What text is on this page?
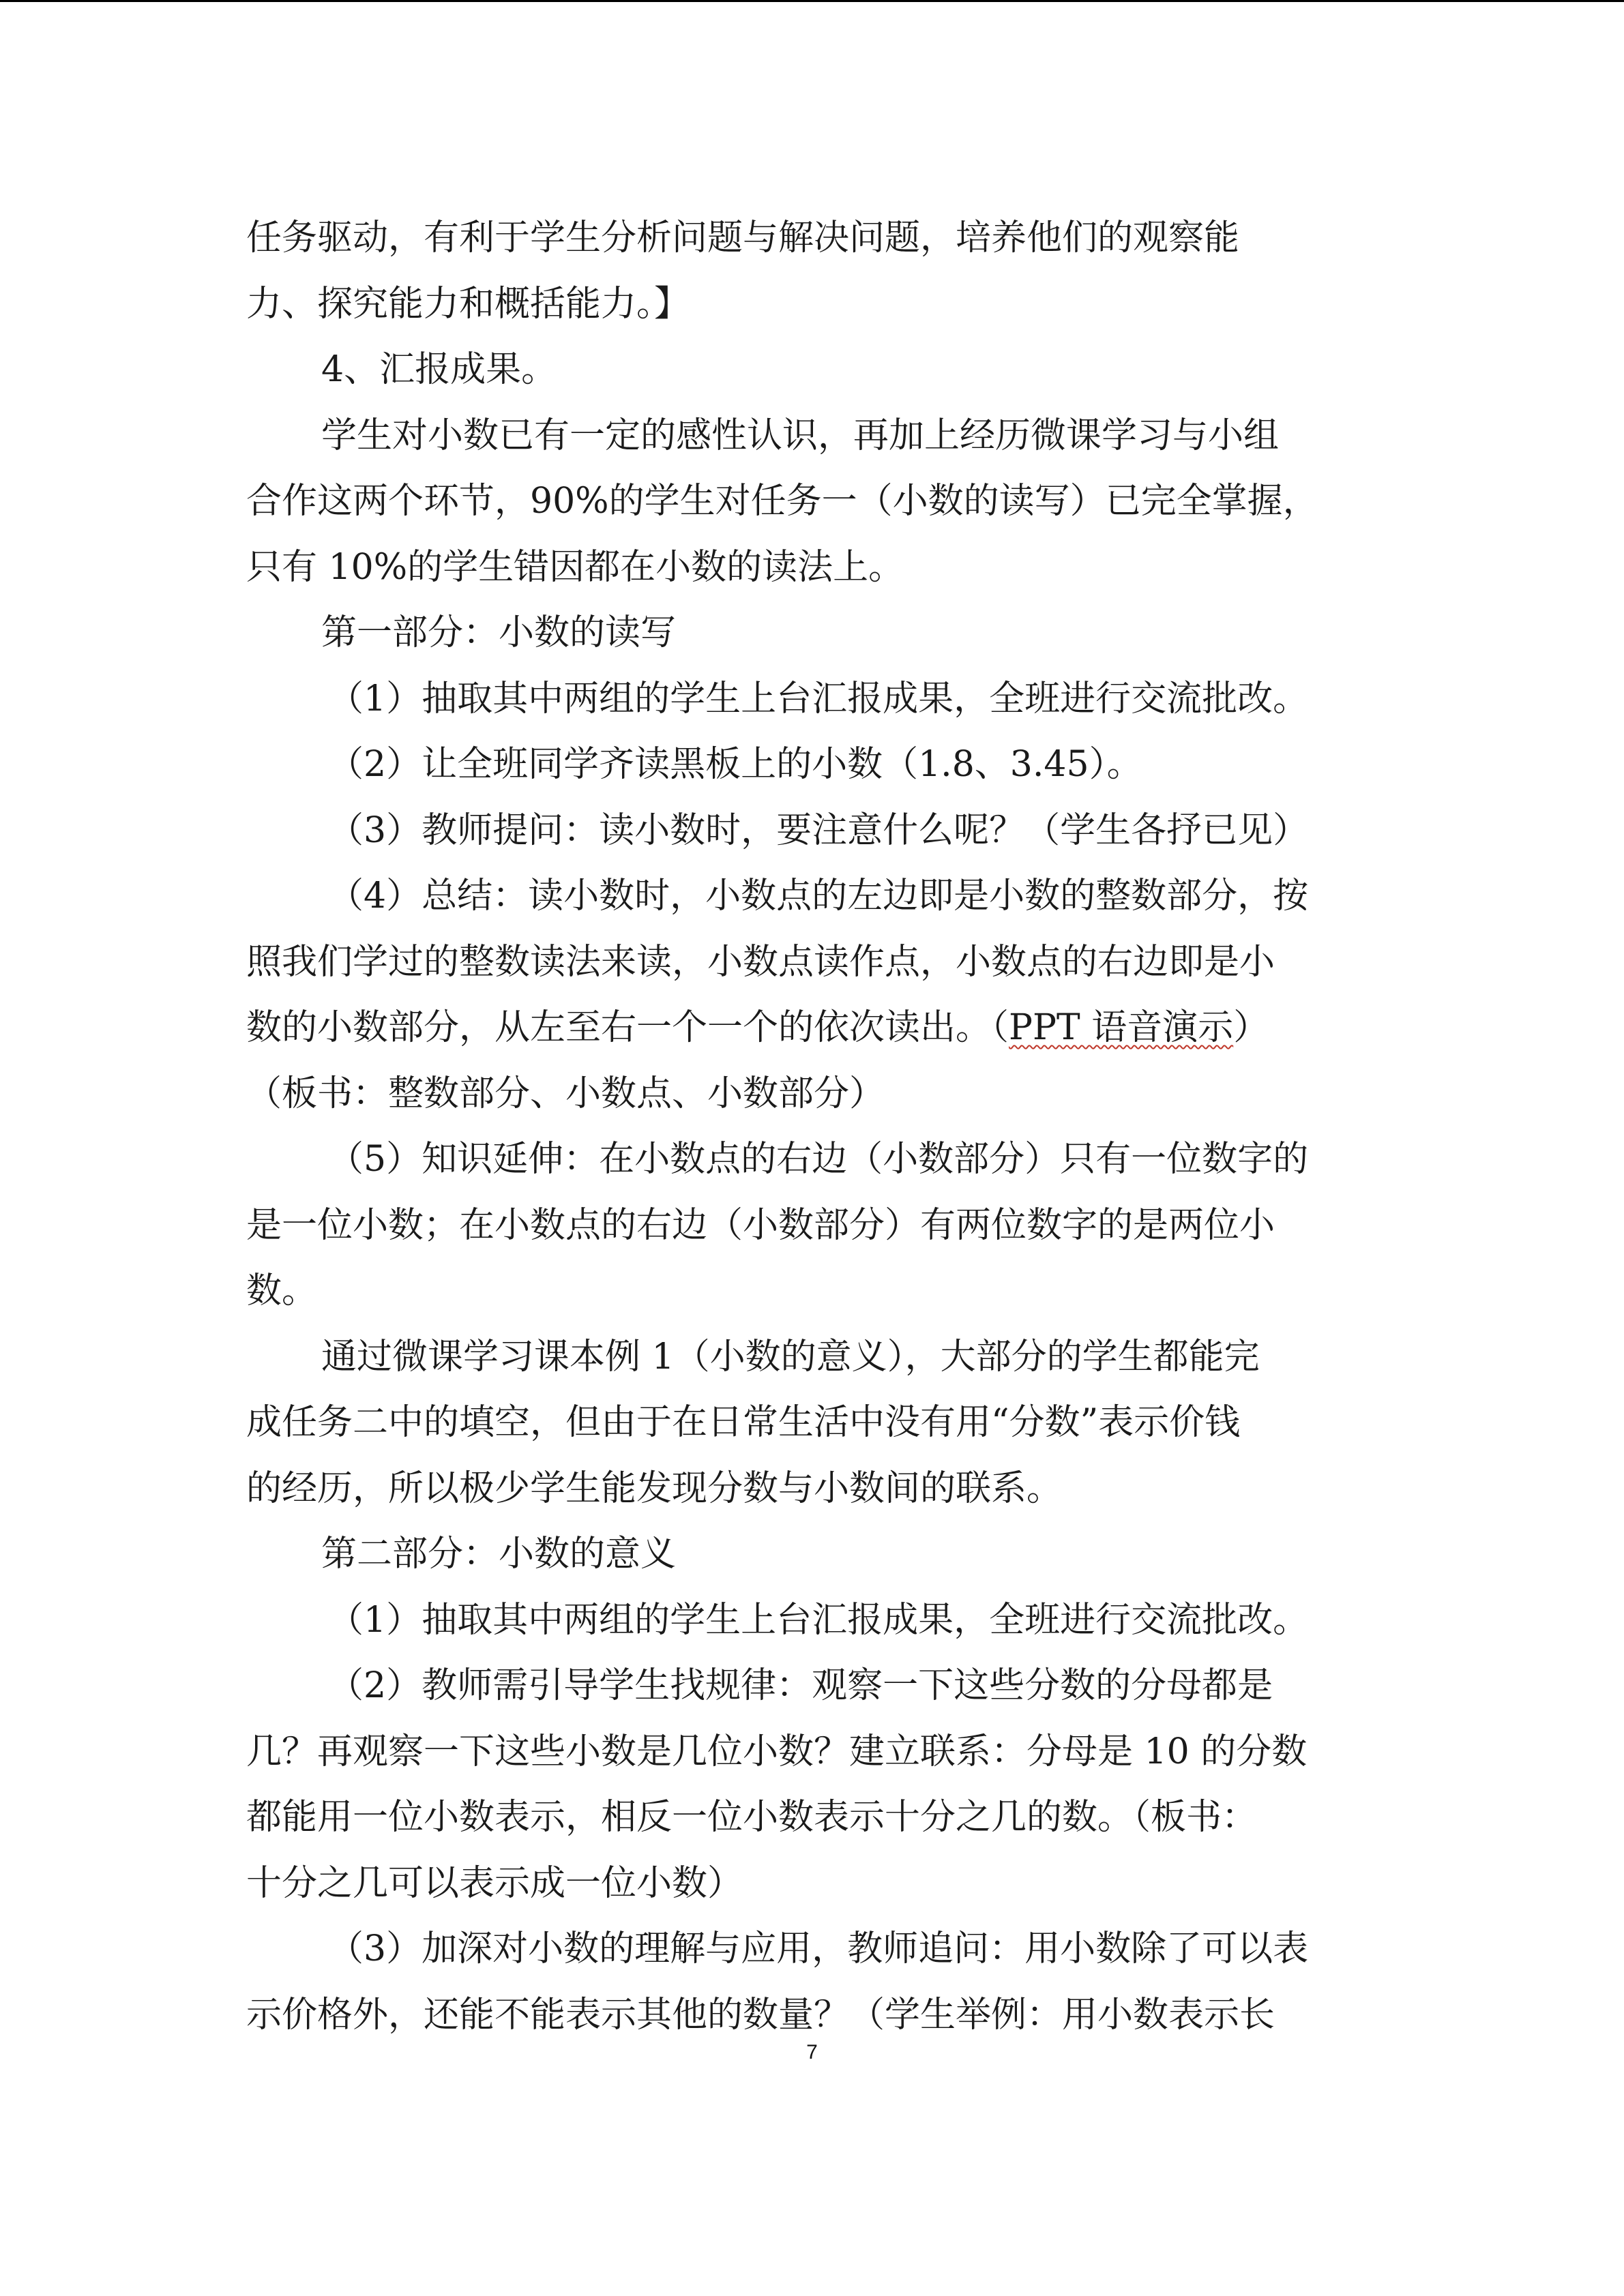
任务驱动，有利于学生分析问题与解决问题，培养他们的观察能
力、探究能力和概括能力。】
4、汇报成果。
学生对小数已有一定的感性认识，再加上经历微课学习与小组
合作这两个环节，90%的学生对任务一（小数的读写）已完全掌握，
只有 10%的学生错因都在小数的读法上。
第一部分：小数的读写
（1）抽取其中两组的学生上台汇报成果，全班进行交流批改。
（2）让全班同学齐读黑板上的小数（1.8、3.45）。
（3）教师提问：读小数时，要注意什么呢？（学生各抒已见）
（4）总结：读小数时，小数点的左边即是小数的整数部分，按
照我们学过的整数读法来读，小数点读作点，小数点的右边即是小
数的小数部分，从左至右一个一个的依次读出。（PPT 语音演示）
（板书：整数部分、小数点、小数部分）
（5）知识延伸：在小数点的右边（小数部分）只有一位数字的
是一位小数；在小数点的右边（小数部分）有两位数字的是两位小
数。
通过微课学习课本例 1（小数的意义），大部分的学生都能完
成任务二中的填空，但由于在日常生活中没有用“分数”表示价钱
的经历，所以极少学生能发现分数与小数间的联系。
第二部分：小数的意义
（1）抽取其中两组的学生上台汇报成果，全班进行交流批改。
（2）教师需引导学生找规律：观察一下这些分数的分母都是
几？再观察一下这些小数是几位小数？建立联系：分母是 10 的分数
都能用一位小数表示，相反一位小数表示十分之几的数。（板书：
十分之几可以表示成一位小数）
（3）加深对小数的理解与应用，教师追问：用小数除了可以表
示价格外，还能不能表示其他的数量？（学生举例：用小数表示长
7
